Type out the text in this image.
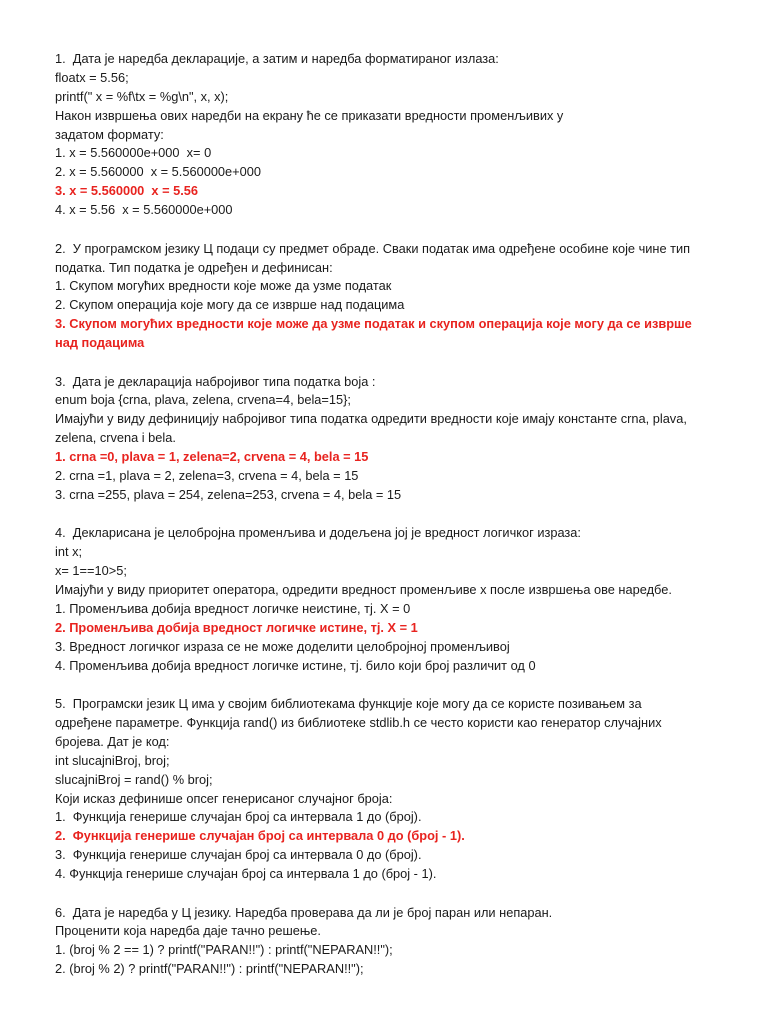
1.  Дата је наредба декларације, а затим и наредба форматираног излаза:
floatx = 5.56;
printf(" x = %f\tx = %g\n", x, x);
Након извршења ових наредби на екрану ће се приказати вредности променљивих у
задатом формату:
1. x = 5.560000e+000  x= 0
2. x = 5.560000  x = 5.560000e+000
3. x = 5.560000  x = 5.56
4. x = 5.56  x = 5.560000e+000
2.  У програмском језику Ц подаци су предмет обраде. Сваки податак има одређене особине које чине тип
податка. Тип податка је одређен и дефинисан:
1. Скупом могућих вредности које може да узме податак
2. Скупом операција које могу да се изврше над подацима
3. Скупом могућих вредности које може да узме податак и скупом операција које могу да се изврше
над подацима
3.  Дата је декларација набројивог типа податка boja :
enum boja {crna, plava, zelena, crvena=4, bela=15};
Имајући у виду дефиницију набројивог типа податка одредити вредности које имају константе crna, plava,
zelena, crvena i bela.
1. crna =0, plava = 1, zelena=2, crvena = 4, bela = 15
2. crna =1, plava = 2, zelena=3, crvena = 4, bela = 15
3. crna =255, plava = 254, zelena=253, crvena = 4, bela = 15
4.  Декларисана је целобројна променљива и додељена јој је вредност логичког израза:
int x;
x= 1==10>5;
Имајући у виду приоритет оператора, одредити вредност променљиве x после извршења ове наредбе.
1. Променљива добија вредност логичке неистине, тј. X = 0
2. Променљива добија вредност логичке истине, тј. X = 1
3. Вредност логичког израза се не може доделити целобројној променљивој
4. Променљива добија вредност логичке истине, тј. било који број различит од 0
5.  Програмски језик Ц има у својим библиотекама функције које могу да се користе позивањем за
одређене параметре. Функција rand() из библиотеке stdlib.h се често користи као генератор случајних
бројева. Дат је код:
int slucajniBroj, broj;
slucajniBroj = rand() % broj;
Који исказ дефинише опсег генерисаног случајног броја:
1.  Функција генерише случајан број са интервала 1 до (број).
2.  Функција генерише случајан број са интервала 0 до (број - 1).
3.  Функција генерише случајан број са интервала 0 до (број).
4. Функција генерише случајан број са интервала 1 до (број - 1).
6.  Дата је наредба у Ц језику. Наредба проверава да ли је број паран или непаран.
Проценити која наредба даје тачно решење.
1. (broj % 2 == 1) ? printf("PARAN!!") : printf("NEPARAN!!");
2. (broj % 2) ? printf("PARAN!!") : printf("NEPARAN!!");
